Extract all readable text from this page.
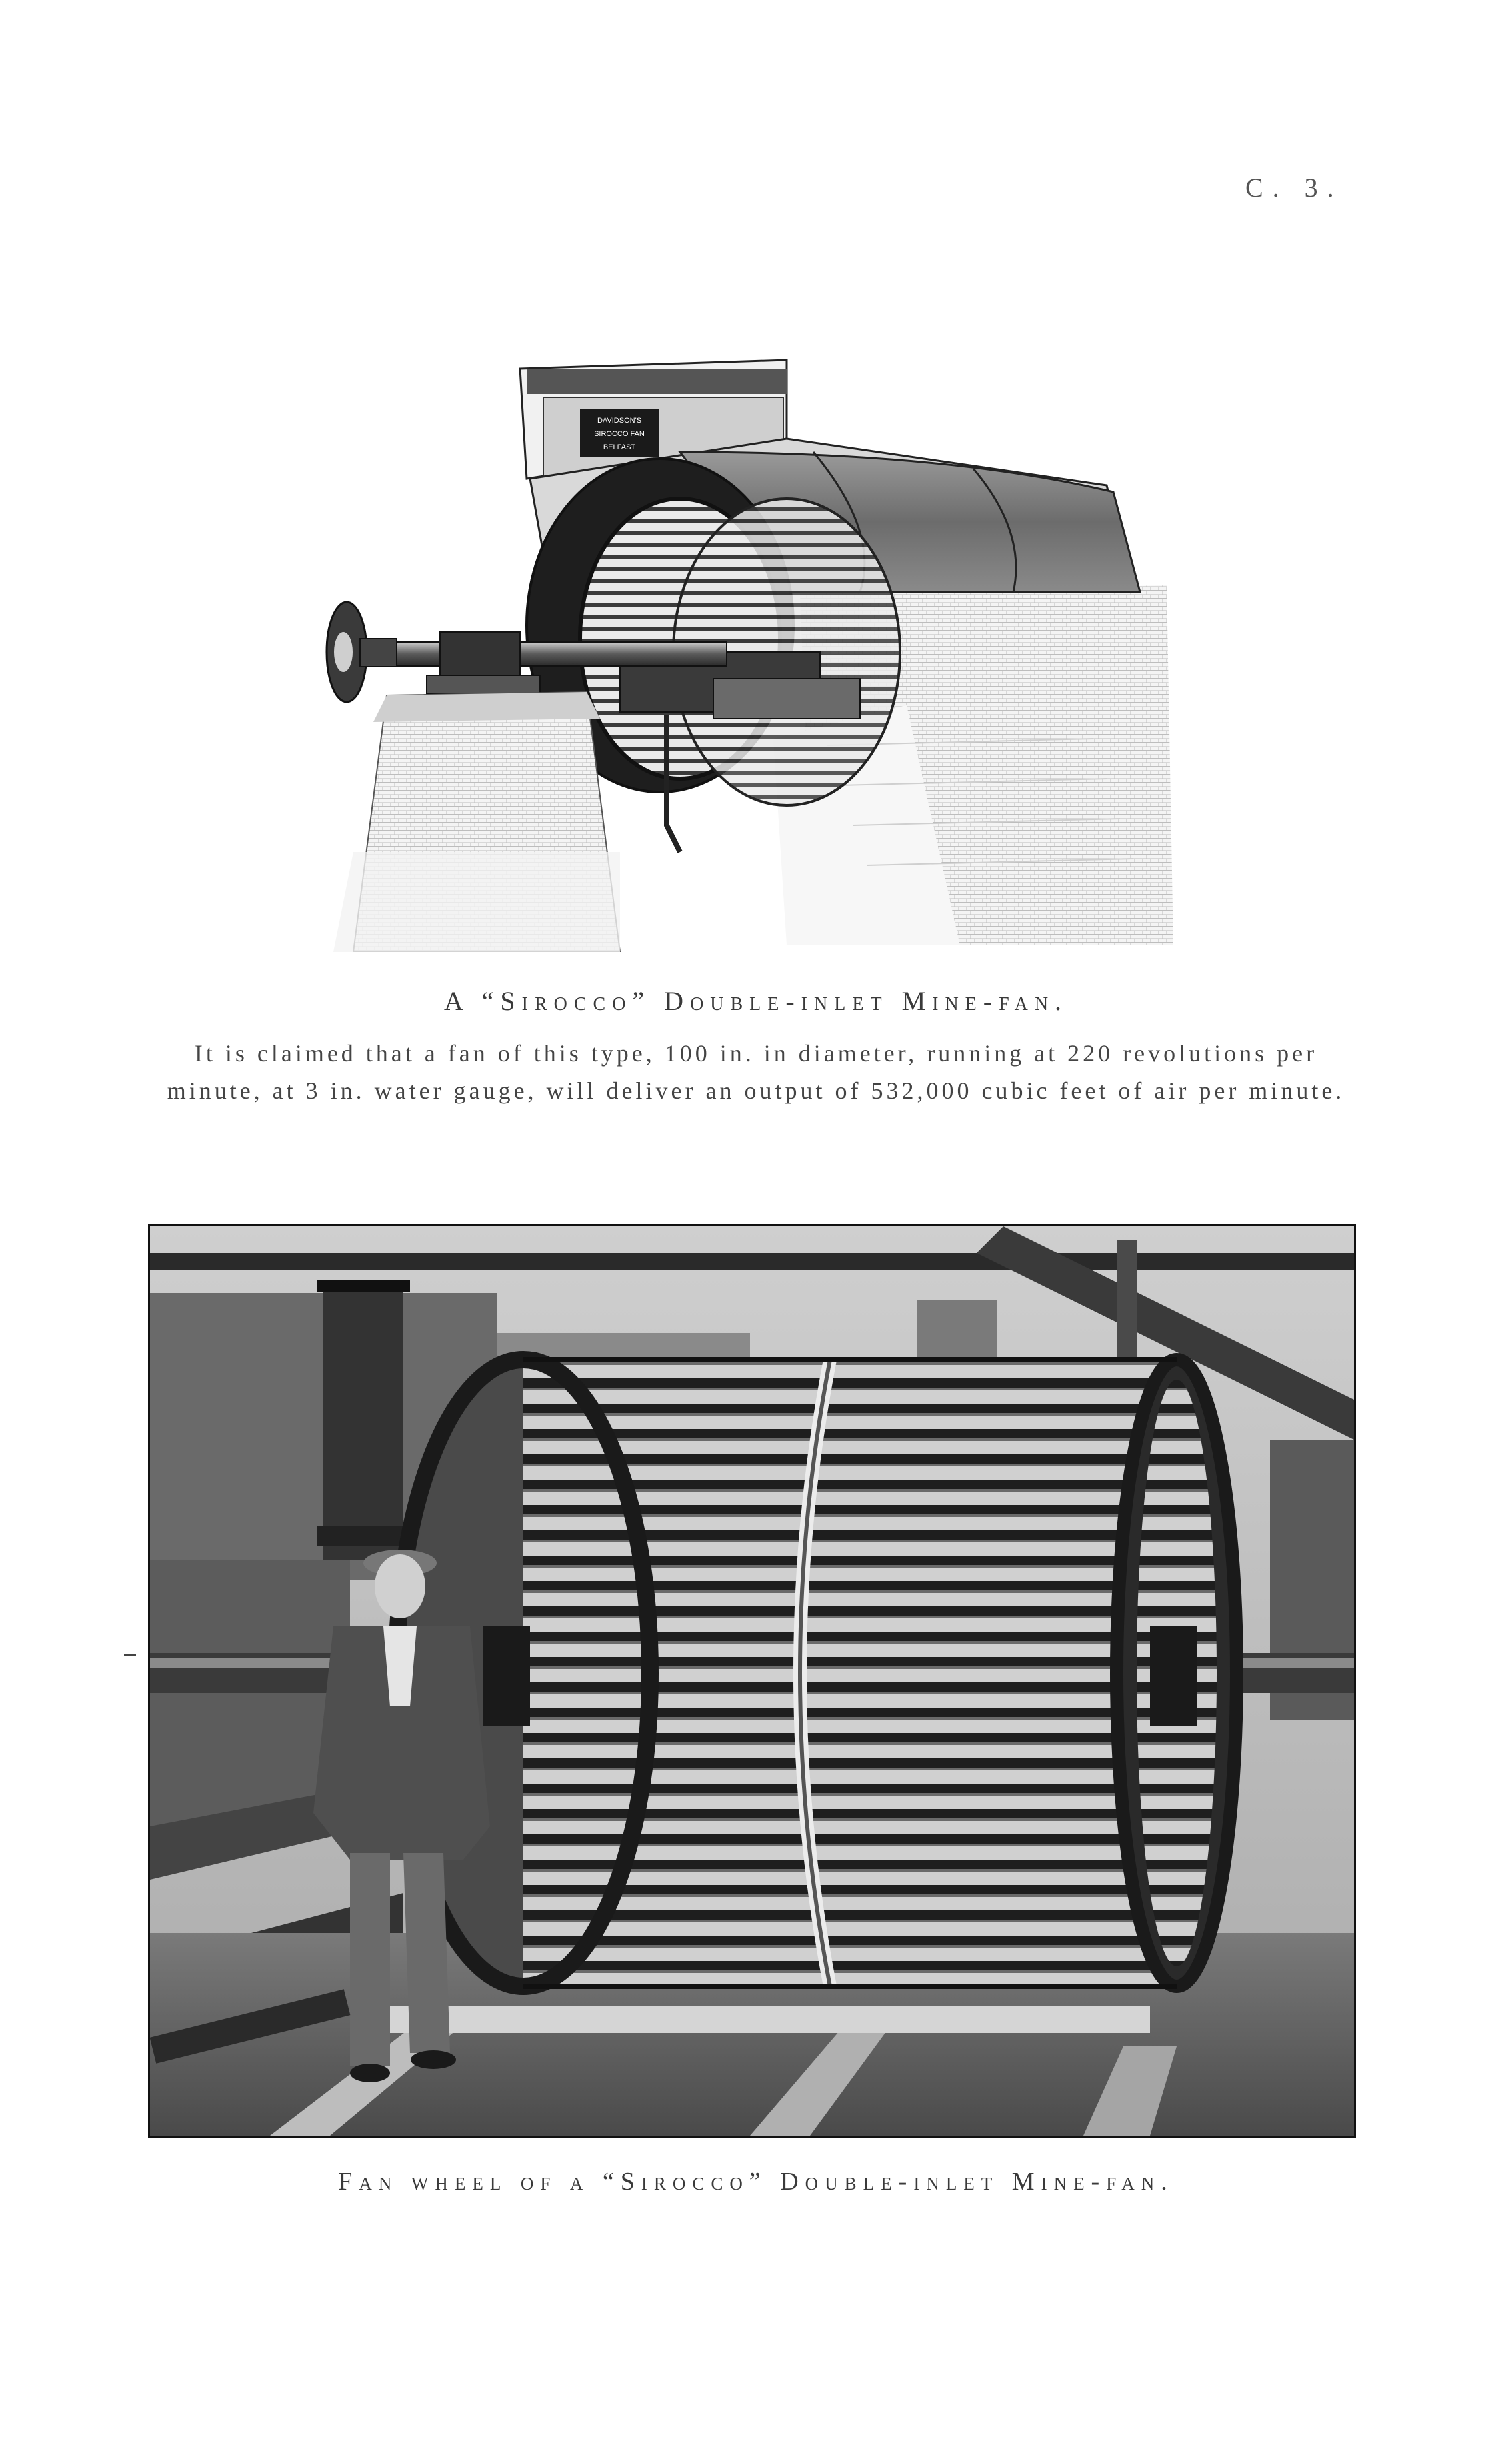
C. 3.
DAVIDSON'S
SIROCCO FAN
BELFAST
A “Sirocco” Double-inlet Mine-fan.
It is claimed that a fan of this type, 100 in. in diameter, running at 220 revolutions per minute, at 3 in. water gauge, will deliver an output of 532,000 cubic feet of air per minute.
Fan wheel of a “Sirocco” Double-inlet Mine-fan.
